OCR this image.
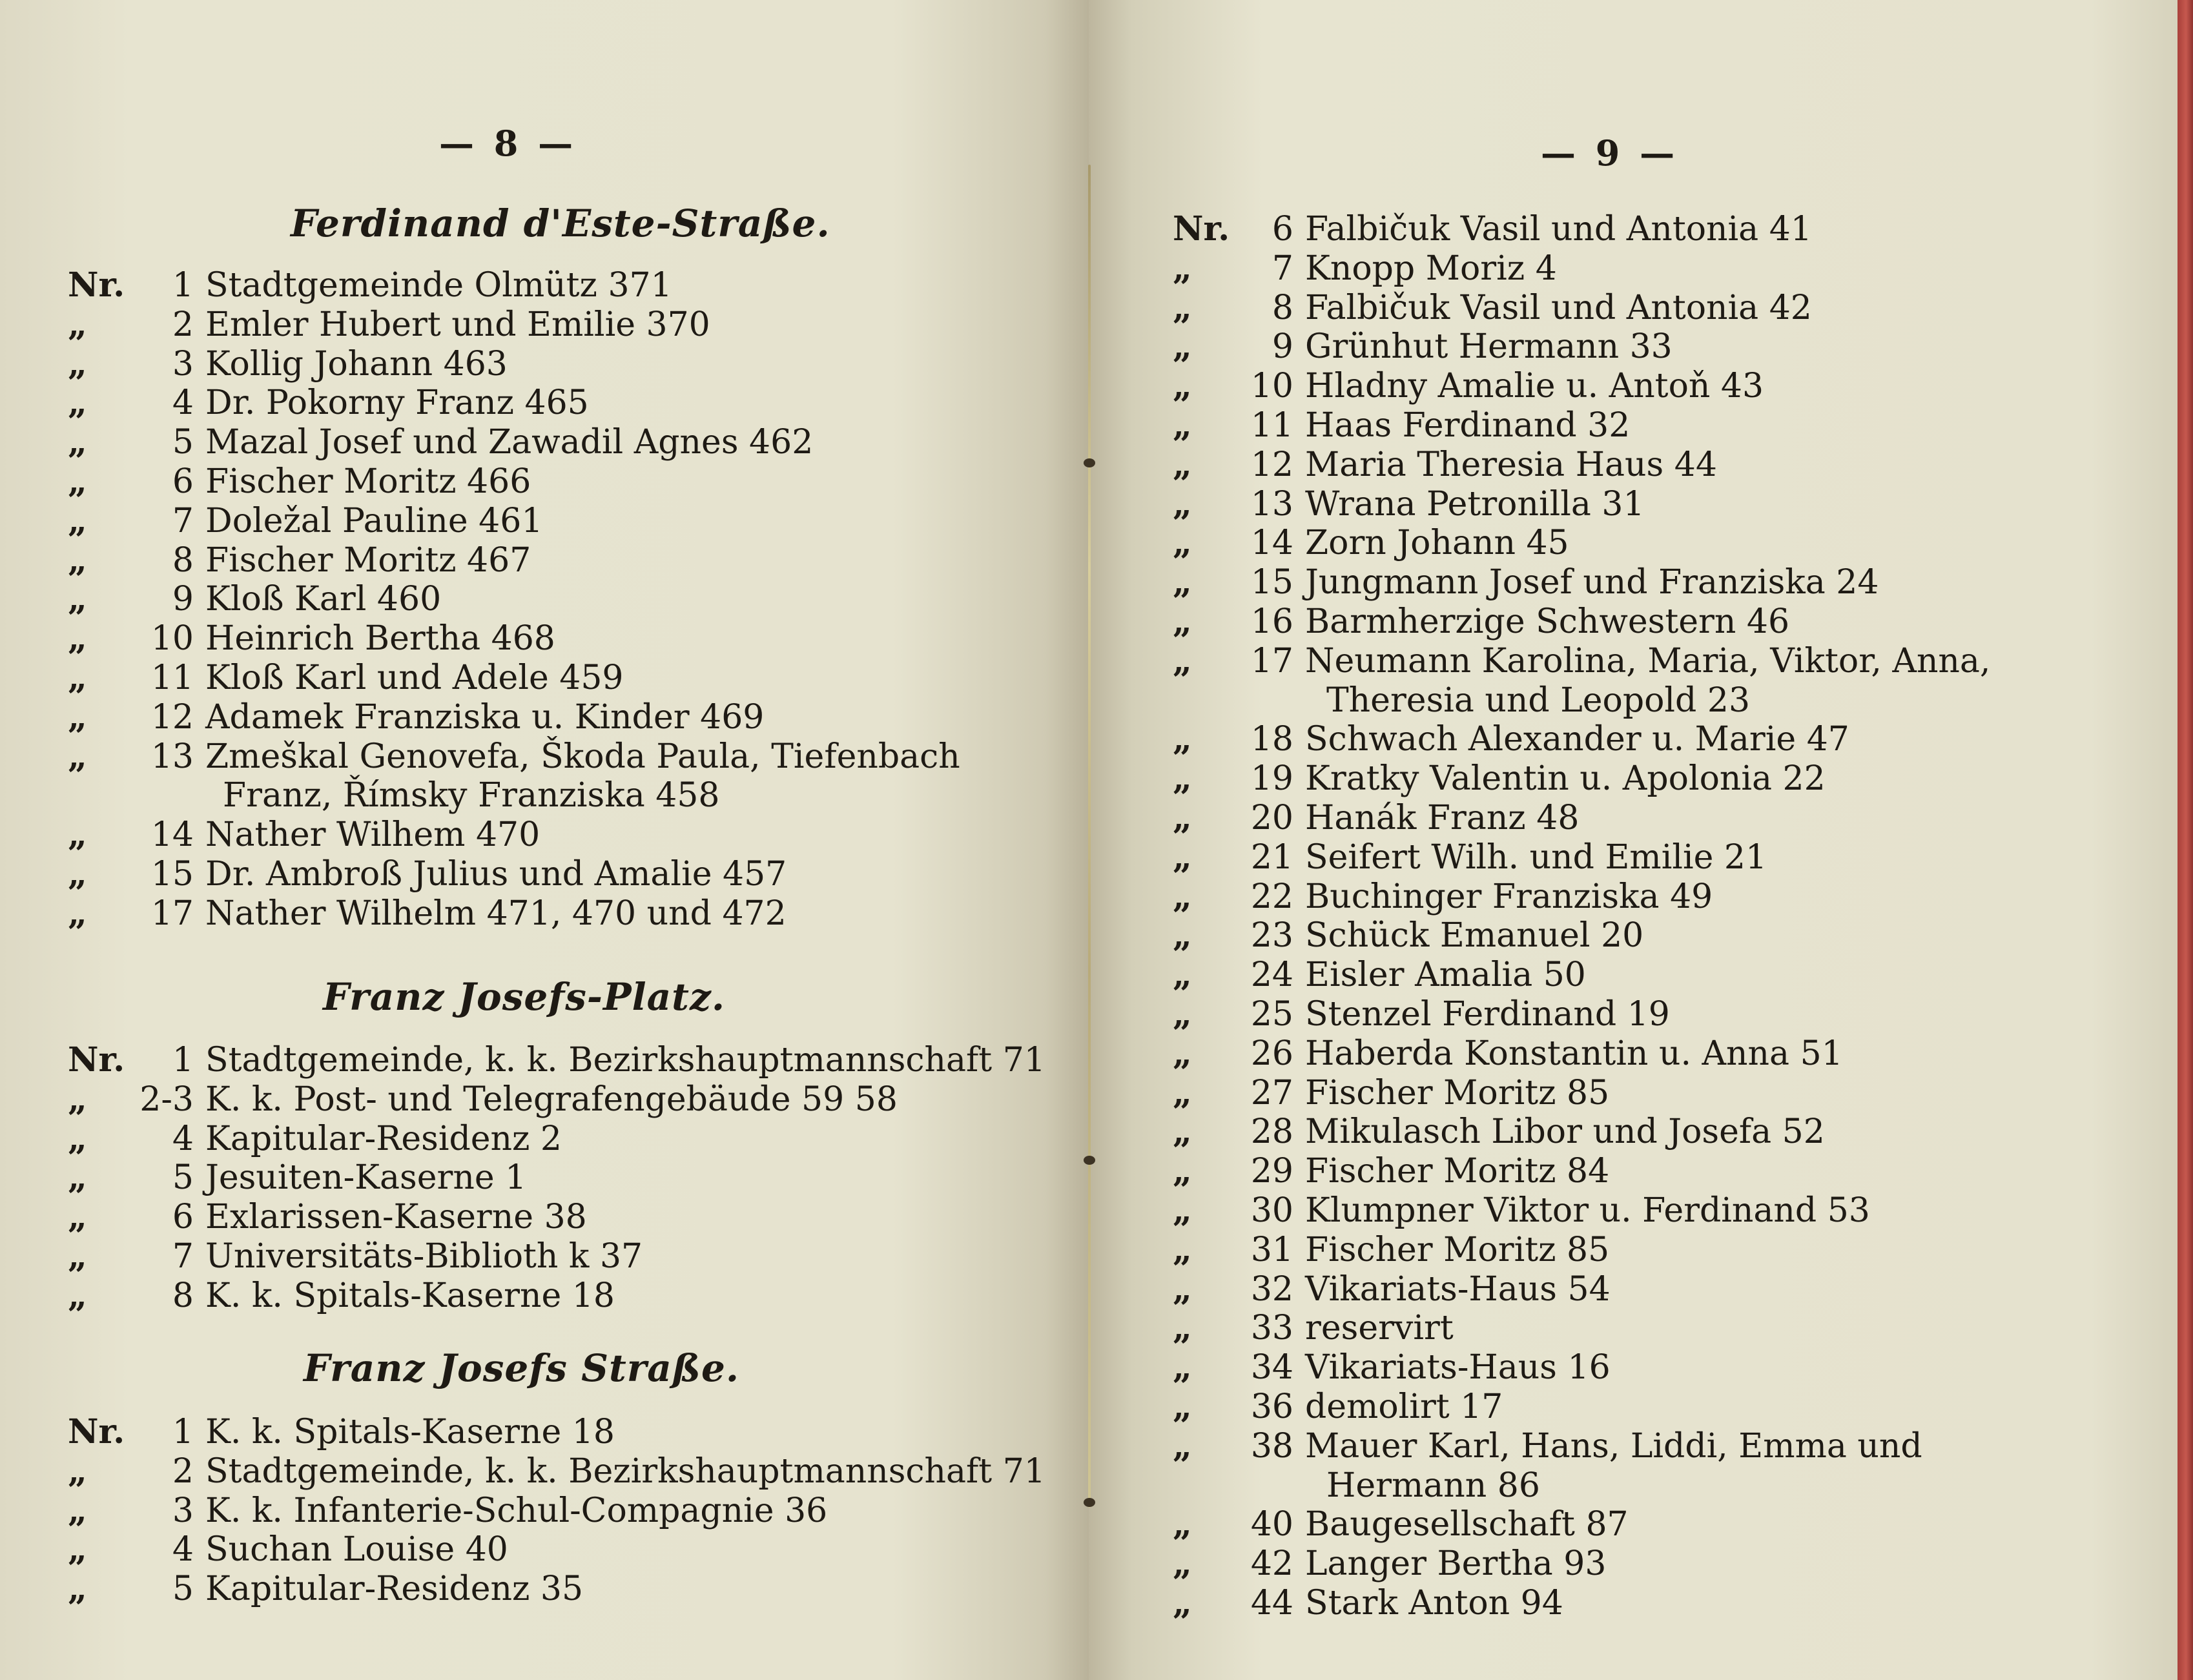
— 8 —
Ferdinand d'Este-Straße.
Nr.	1 Stadtgemeinde Olmütz 371
„	2 Emler Hubert und Emilie 370
„	3 Kollig Johann 463
„	4 Dr. Pokorny Franz 465
„	5 Mazal Josef und Zawadil Agnes 462
„	6 Fischer Moritz 466
„	7 Doležal Pauline 461
„	8 Fischer Moritz 467
„	9 Kloß Karl 460
„	10 Heinrich Bertha 468
„	11 Kloß Karl und Adele 459
„	12 Adamek Franziska u. Kinder 469
„	13 Zmeškal Genovefa, Škoda Paula, Tiefenbach
Franz, Římsky Franziska 458
„	14 Nather Wilhem 470
„	15 Dr. Ambroß Julius und Amalie 457
„	17 Nather Wilhelm 471, 470 und 472
Franz Josefs-Platz.
Nr.	1 Stadtgemeinde, k. k. Bezirkshauptmannschaft 71
„	2-3 K. k. Post- und Telegrafengebäude 59 58
„	4 Kapitular-Residenz 2
„	5 Jesuiten-Kaserne 1
„	6 Exlarissen-Kaserne 38
„	7 Universitäts-Biblioth k 37
„	8 K. k. Spitals-Kaserne 18
Franz Josefs Straße.
Nr.	1 K. k. Spitals-Kaserne 18
„	2 Stadtgemeinde, k. k. Bezirkshauptmannschaft 71
„	3 K. k. Infanterie-Schul-Compagnie 36
„	4 Suchan Louise 40
„	5 Kapitular-Residenz 35
— 9 —
Nr.	6 Falbičuk Vasil und Antonia 41
„	7 Knopp Moriz 4
„	8 Falbičuk Vasil und Antonia 42
„	9 Grünhut Hermann 33
„	10 Hladny Amalie u. Antoň 43
„	11 Haas Ferdinand 32
„	12 Maria Theresia Haus 44
„	13 Wrana Petronilla 31
„	14 Zorn Johann 45
„	15 Jungmann Josef und Franziska 24
„	16 Barmherzige Schwestern 46
„	17 Neumann Karolina, Maria, Viktor, Anna,
Theresia und Leopold 23
„	18 Schwach Alexander u. Marie 47
„	19 Kratky Valentin u. Apolonia 22
„	20 Hanák Franz 48
„	21 Seifert Wilh. und Emilie 21
„	22 Buchinger Franziska 49
„	23 Schück Emanuel 20
„	24 Eisler Amalia 50
„	25 Stenzel Ferdinand 19
„	26 Haberda Konstantin u. Anna 51
„	27 Fischer Moritz 85
„	28 Mikulasch Libor und Josefa 52
„	29 Fischer Moritz 84
„	30 Klumpner Viktor u. Ferdinand 53
„	31 Fischer Moritz 85
„	32 Vikariats-Haus 54
„	33 reservirt
„	34 Vikariats-Haus 16
„	36 demolirt 17
„	38 Mauer Karl, Hans, Liddi, Emma und
Hermann 86
„	40 Baugesellschaft 87
„	42 Langer Bertha 93
„	44 Stark Anton 94
